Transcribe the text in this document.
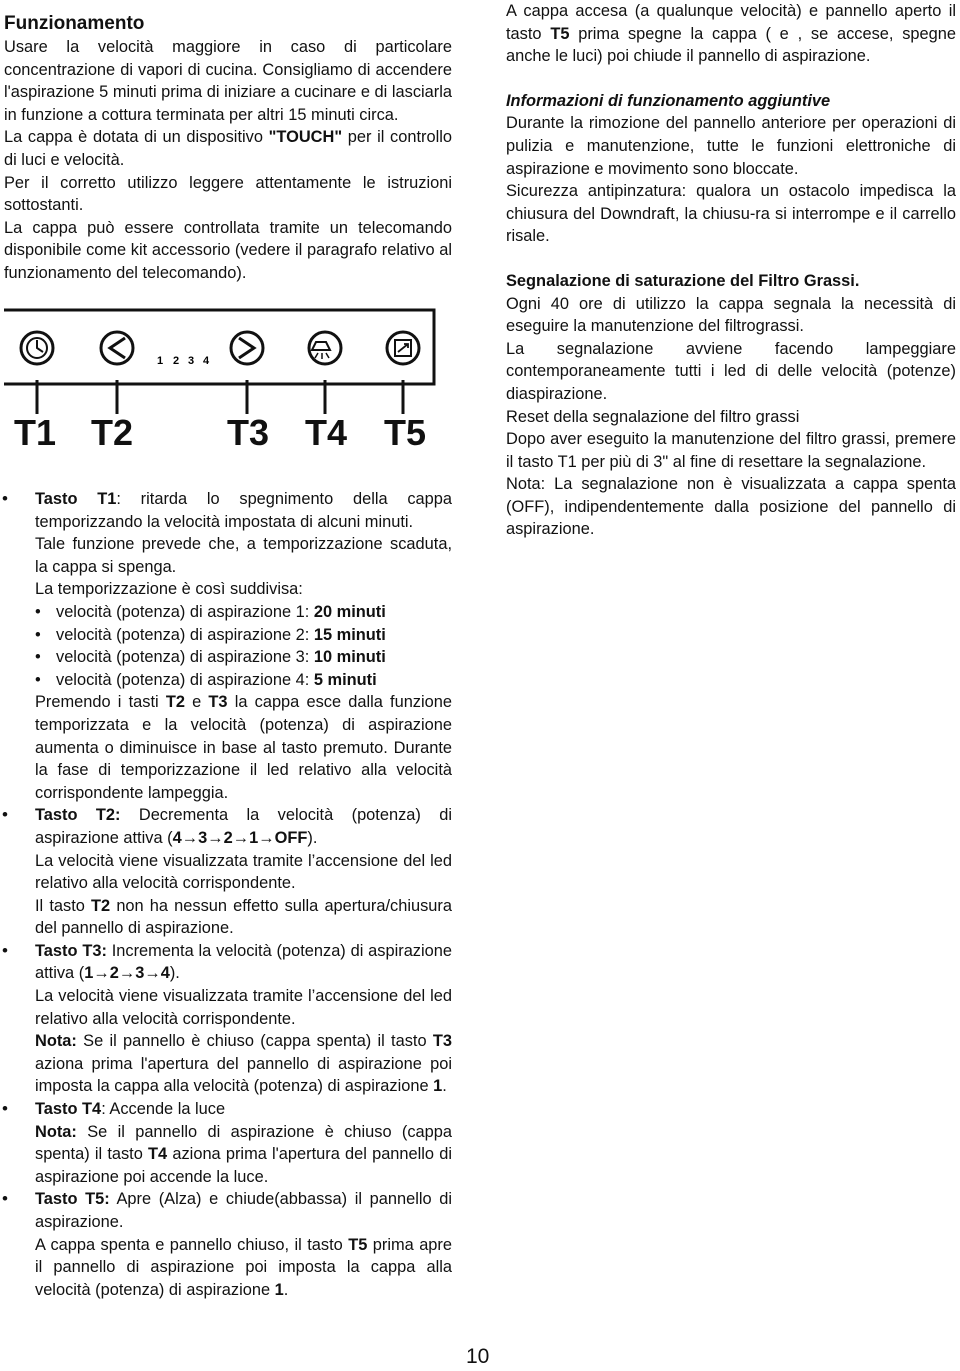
Funzionamento

Usare la velocità maggiore in caso di particolare concentrazione di vapori di cucina. Consigliamo di accendere l'aspirazione 5 minuti prima di iniziare a cucinare e di lasciarla in funzione a cottura terminata per altri 15 minuti circa.

La cappa è dotata di un dispositivo "TOUCH" per il controllo di luci e velocità.

Per il corretto utilizzo leggere attentamente le istruzioni sottostanti.

La cappa può essere controllata tramite un telecomando disponibile come kit accessorio (vedere il paragrafo relativo al funzionamento del telecomando).

1 2 3 4
T1 T2	T3 T4 T5
• Tasto T1: ritarda lo spegnimento della cappa temporizzando la velocità impostata di alcuni minuti.

Tale funzione prevede che, a temporizzazione scaduta, la cappa si spenga.

La temporizzazione è così suddivisa:

• velocità (potenza) di aspirazione 1: 20 minuti
• velocità (potenza) di aspirazione 2: 15 minuti
• velocità (potenza) di aspirazione 3: 10 minuti
• velocità (potenza) di aspirazione 4: 5 minuti

Premendo i tasti T2 e T3 la cappa esce dalla funzione temporizzata e la velocità (potenza) di aspirazione aumenta o diminuisce in base al tasto premuto. Durante la fase di temporizzazione il led relativo alla velocità corrispondente lampeggia.

• Tasto T2: Decrementa la velocità (potenza) di aspirazione attiva (4→3→2→1→OFF).

La velocità viene visualizzata tramite l’accensione del led relativo alla velocità corrispondente.

Il tasto T2 non ha nessun effetto sulla apertura/chiusura del pannello di aspirazione.

• Tasto T3: Incrementa la velocità (potenza) di aspirazione attiva (1→2→3→4).

La velocità viene visualizzata tramite l’accensione del led relativo alla velocità corrispondente.

Nota: Se il pannello è chiuso (cappa spenta) il tasto T3 aziona prima l'apertura del pannello di aspirazione poi imposta la cappa alla velocità (potenza) di aspirazione 1.

• Tasto T4: Accende la luce

Nota: Se il pannello di aspirazione è chiuso (cappa spenta) il tasto T4 aziona prima l'apertura del pannello di aspirazione poi accende la luce.

• Tasto T5: Apre (Alza) e chiude(abbassa) il pannello di aspirazione.

A cappa spenta e pannello chiuso, il tasto T5 prima apre il pannello di aspirazione poi imposta la cappa alla velocità (potenza) di aspirazione 1.

A cappa accesa (a qualunque velocità) e pannello aperto il tasto T5 prima spegne la cappa ( e , se accese, spegne anche le luci) poi chiude il pannello di aspirazione.

Informazioni di funzionamento aggiuntive

Durante la rimozione del pannello anteriore per operazioni di pulizia e manutenzione, tutte le funzioni elettroniche di aspirazione e movimento sono bloccate.

Sicurezza antipinzatura: qualora un ostacolo impedisca la chiusura del Downdraft, la chiusu-ra si interrompe e il carrello risale.

Segnalazione di saturazione del Filtro Grassi.

Ogni 40 ore di utilizzo la cappa segnala la necessità di eseguire la manutenzione del filtrograssi.

La segnalazione avviene facendo lampeggiare contemporaneamente tutti i led di delle velocità (potenze) diaspirazione.

Reset della segnalazione del filtro grassi

Dopo aver eseguito la manutenzione del filtro grassi, premere il tasto T1 per più di 3" al fine di resettare la segnalazione.

Nota: La segnalazione non è visualizzata a cappa spenta (OFF), indipendentemente dalla posizione del pannello di aspirazione.

10
